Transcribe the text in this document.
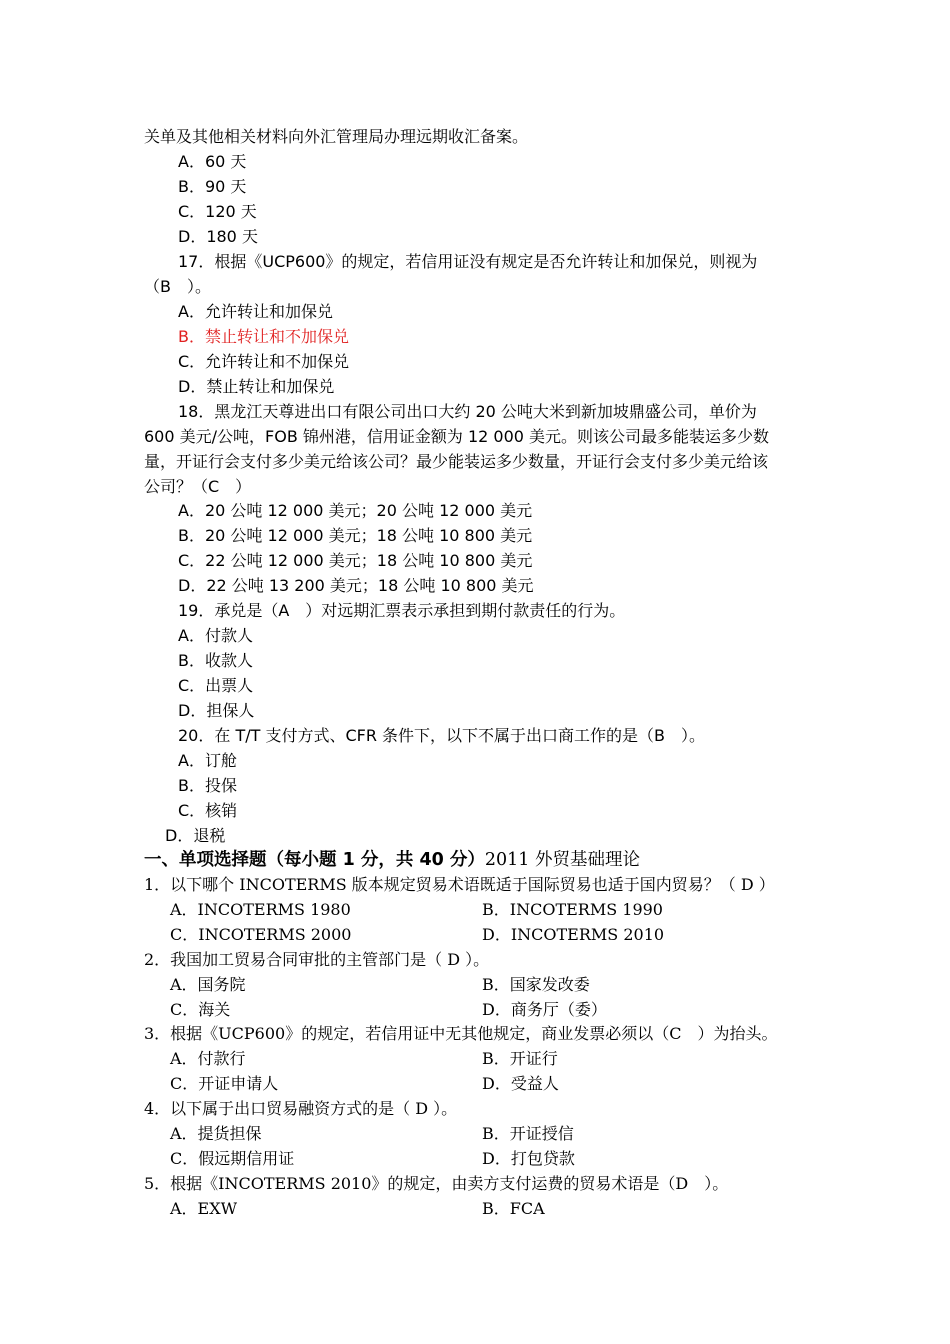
关单及其他相关材料向外汇管理局办理远期收汇备案。
A．60 天
B．90 天
C．120 天
D．180 天
17．根据《UCP600》的规定，若信用证没有规定是否允许转让和加保兑，则视为
（B　）。
A．允许转让和加保兑
B．禁止转让和不加保兑
C．允许转让和不加保兑
D．禁止转让和加保兑
18．黑龙江天尊进出口有限公司出口大约 20 公吨大米到新加坡鼎盛公司，单价为
600 美元/公吨，FOB 锦州港，信用证金额为 12 000 美元。则该公司最多能装运多少数
量，开证行会支付多少美元给该公司？最少能装运多少数量，开证行会支付多少美元给该
公司？（C　）
A．20 公吨 12 000 美元；20 公吨 12 000 美元
B．20 公吨 12 000 美元；18 公吨 10 800 美元
C．22 公吨 12 000 美元；18 公吨 10 800 美元
D．22 公吨 13 200 美元；18 公吨 10 800 美元
19．承兑是（A　）对远期汇票表示承担到期付款责任的行为。
A．付款人
B．收款人
C．出票人
D．担保人
20．在 T/T 支付方式、CFR 条件下，以下不属于出口商工作的是（B　）。
A．订舱
B．投保
C．核销
D．退税
一、单项选择题（每小题 1 分，共 40 分）2011 外贸基础理论
1．以下哪个 INCOTERMS 版本规定贸易术语既适于国际贸易也适于国内贸易？（ D ）
A．INCOTERMS 1980	B．INCOTERMS 1990
C．INCOTERMS 2000	D．INCOTERMS 2010
2．我国加工贸易合同审批的主管部门是（ D ）。
A．国务院	B．国家发改委
C．海关	D．商务厅（委）
3．根据《UCP600》的规定，若信用证中无其他规定，商业发票必须以（C　）为抬头。
A．付款行	B．开证行
C．开证申请人	D．受益人
4．以下属于出口贸易融资方式的是（ D ）。
A．提货担保	B．开证授信
C．假远期信用证	D．打包贷款
5．根据《INCOTERMS 2010》的规定，由卖方支付运费的贸易术语是（D　）。
A．EXW	B．FCA
